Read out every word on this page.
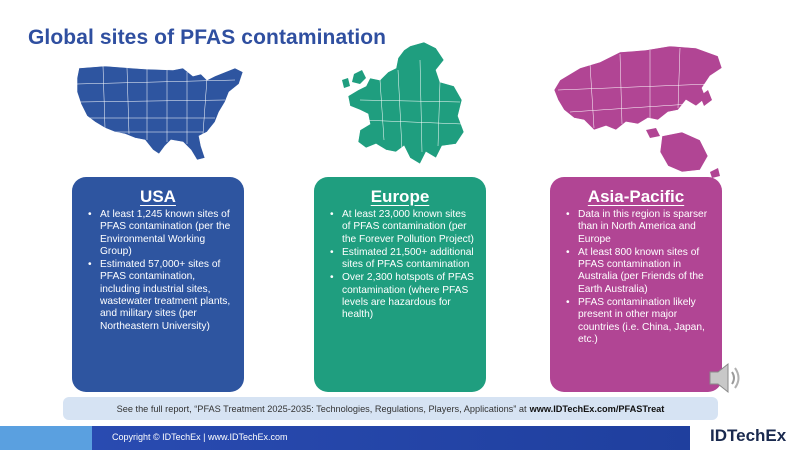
Global sites of PFAS contamination
USA
• At least 1,245 known sites of PFAS contamination (per the Environmental Working Group)
• Estimated 57,000+ sites of PFAS contamination, including industrial sites, wastewater treatment plants, and military sites (per Northeastern University)
Europe
• At least 23,000 known sites of PFAS contamination (per the Forever Pollution Project)
• Estimated 21,500+ additional sites of PFAS contamination
• Over 2,300 hotspots of PFAS contamination (where PFAS levels are hazardous for health)
Asia-Pacific
• Data in this region is sparser than in North America and Europe
• At least 800 known sites of PFAS contamination in Australia (per Friends of the Earth Australia)
• PFAS contamination likely present in other major countries (i.e. China, Japan, etc.)
See the full report, “PFAS Treatment 2025-2035: Technologies, Regulations, Players, Applications” at www.IDTechEx.com/PFASTreat
Copyright © IDTechEx | www.IDTechEx.com	IDTechEx
